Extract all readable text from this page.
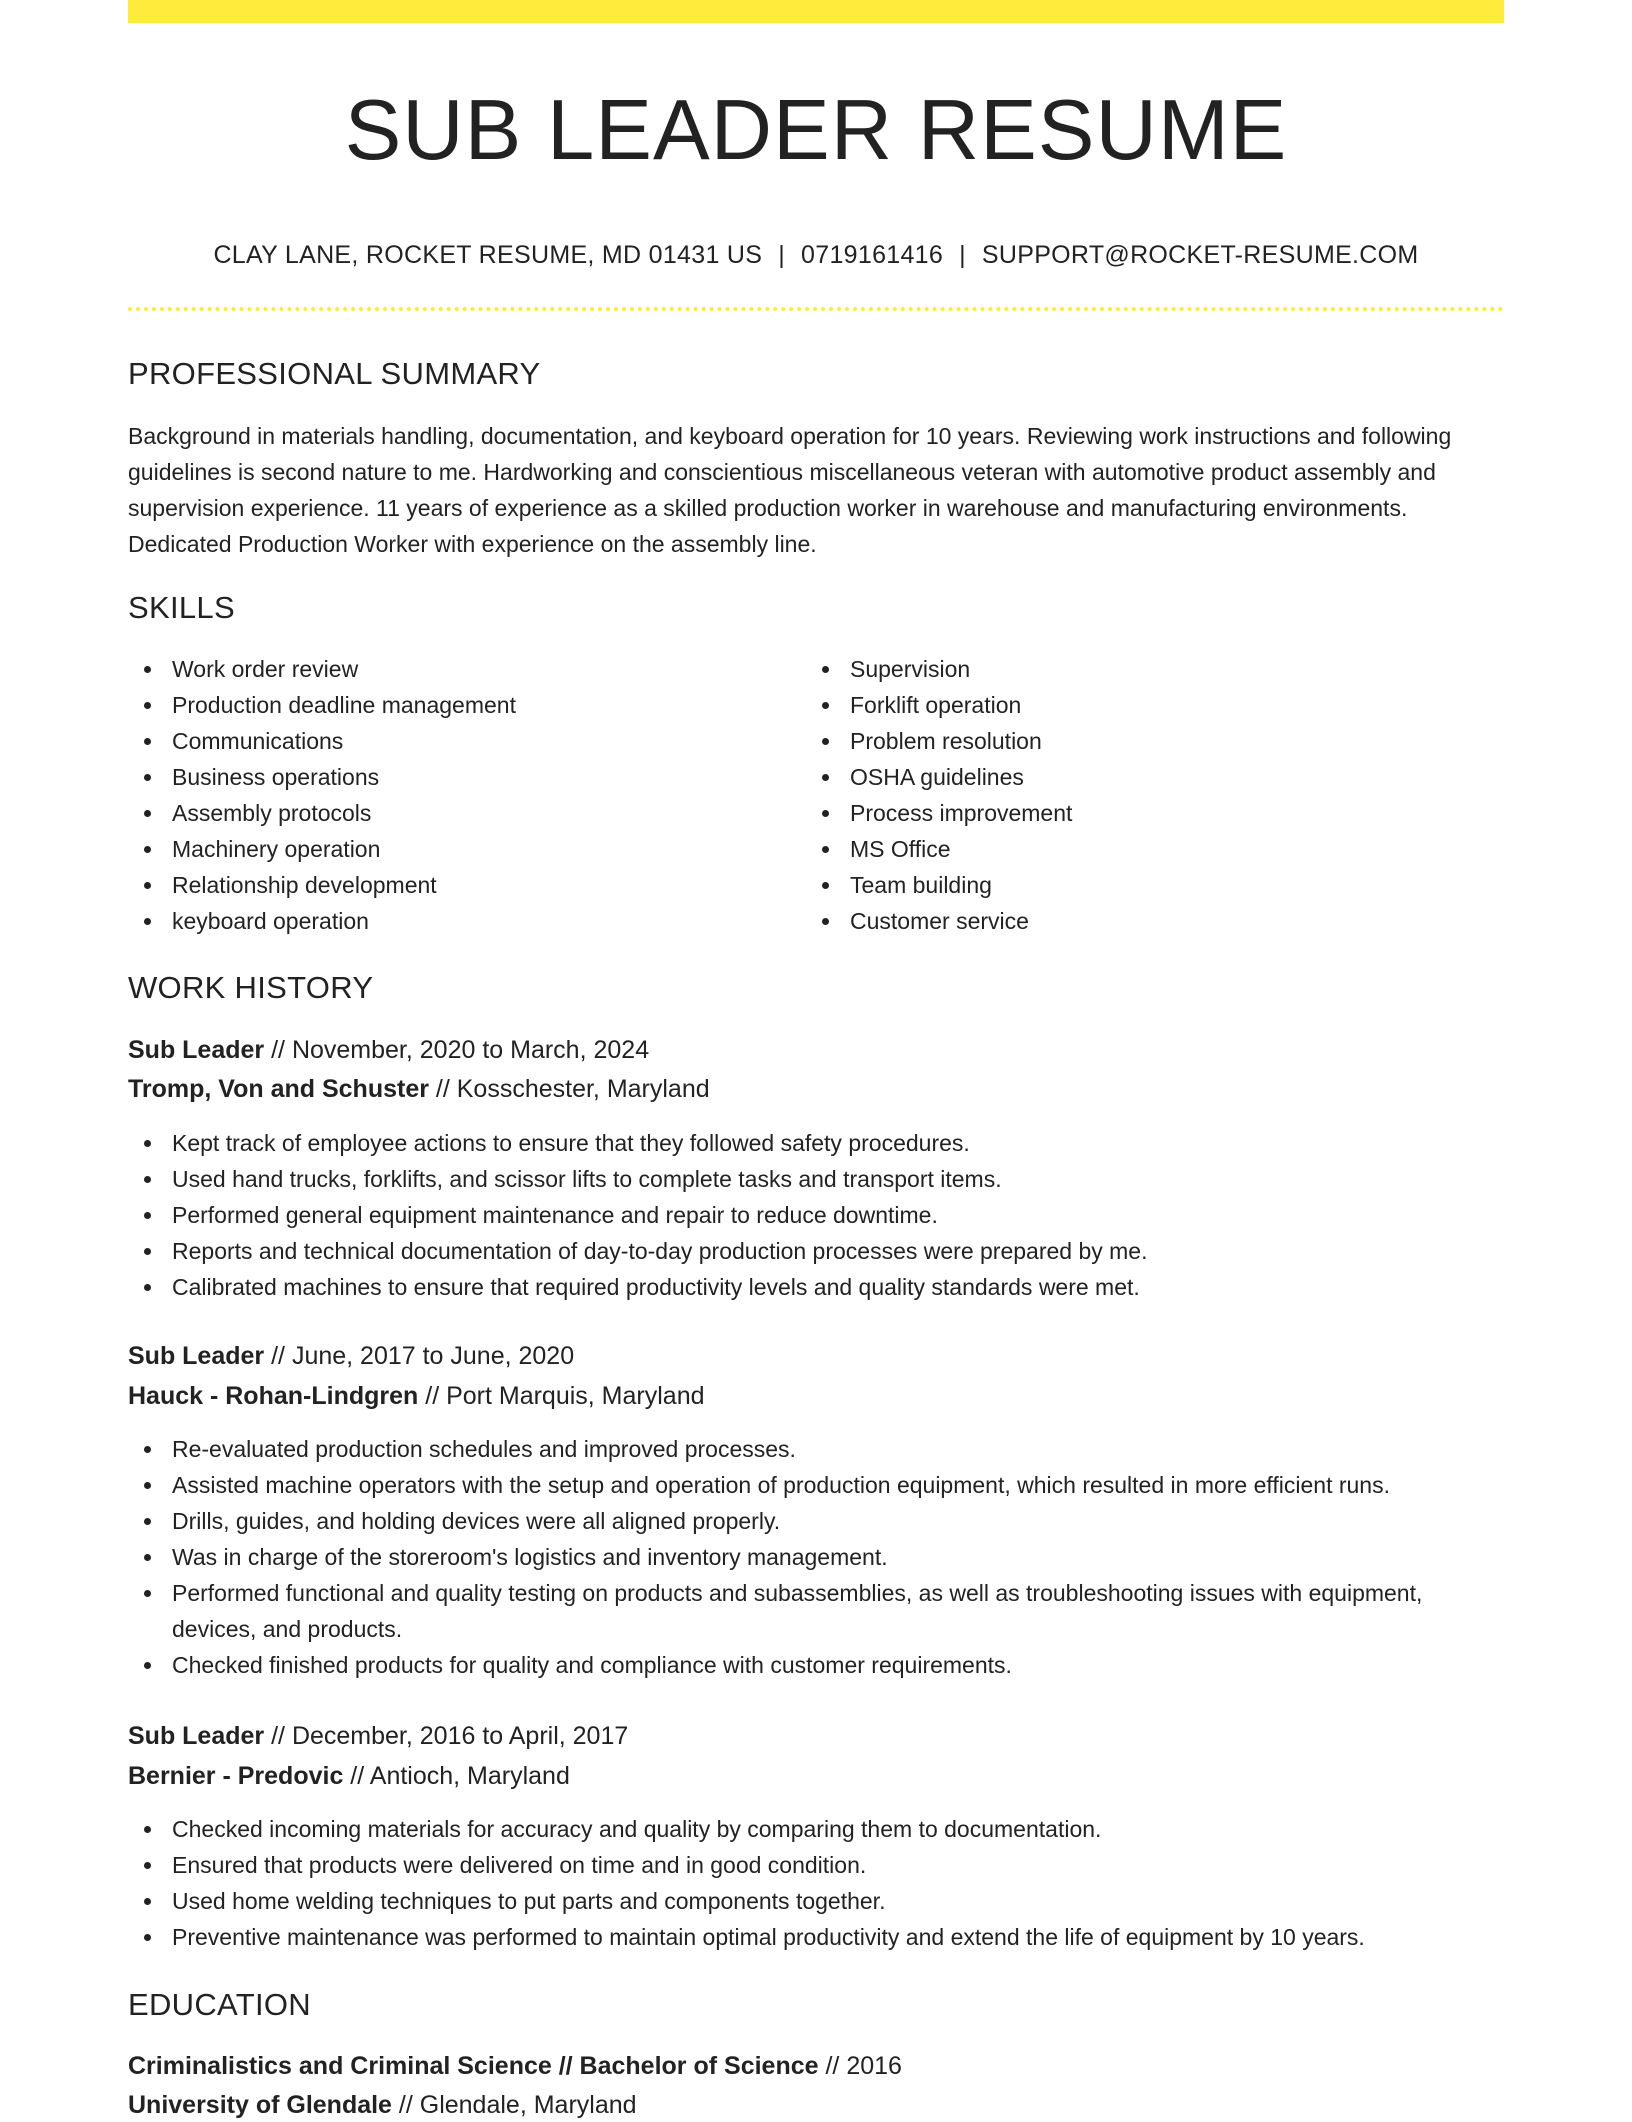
SUB LEADER RESUME
CLAY LANE, ROCKET RESUME, MD 01431 US | 0719161416 | SUPPORT@ROCKET-RESUME.COM
PROFESSIONAL SUMMARY

Background in materials handling, documentation, and keyboard operation for 10 years. Reviewing work instructions and following guidelines is second nature to me. Hardworking and conscientious miscellaneous veteran with automotive product assembly and supervision experience. 11 years of experience as a skilled production worker in warehouse and manufacturing environments. Dedicated Production Worker with experience on the assembly line.

SKILLS
Work order review
Production deadline management
Communications
Business operations
Assembly protocols
Machinery operation
Relationship development
keyboard operation
Supervision
Forklift operation
Problem resolution
OSHA guidelines
Process improvement
MS Office
Team building
Customer service
WORK HISTORY
Sub Leader // November, 2020 to March, 2024
Tromp, Von and Schuster // Kosschester, Maryland
Kept track of employee actions to ensure that they followed safety procedures.
Used hand trucks, forklifts, and scissor lifts to complete tasks and transport items.
Performed general equipment maintenance and repair to reduce downtime.
Reports and technical documentation of day-to-day production processes were prepared by me.
Calibrated machines to ensure that required productivity levels and quality standards were met.
Sub Leader // June, 2017 to June, 2020
Hauck - Rohan-Lindgren // Port Marquis, Maryland
Re-evaluated production schedules and improved processes.
Assisted machine operators with the setup and operation of production equipment, which resulted in more efficient runs.
Drills, guides, and holding devices were all aligned properly.
Was in charge of the storeroom's logistics and inventory management.
Performed functional and quality testing on products and subassemblies, as well as troubleshooting issues with equipment, devices, and products.
Checked finished products for quality and compliance with customer requirements.
Sub Leader // December, 2016 to April, 2017
Bernier - Predovic // Antioch, Maryland
Checked incoming materials for accuracy and quality by comparing them to documentation.
Ensured that products were delivered on time and in good condition.
Used home welding techniques to put parts and components together.
Preventive maintenance was performed to maintain optimal productivity and extend the life of equipment by 10 years.
EDUCATION
Criminalistics and Criminal Science // Bachelor of Science // 2016
University of Glendale // Glendale, Maryland
